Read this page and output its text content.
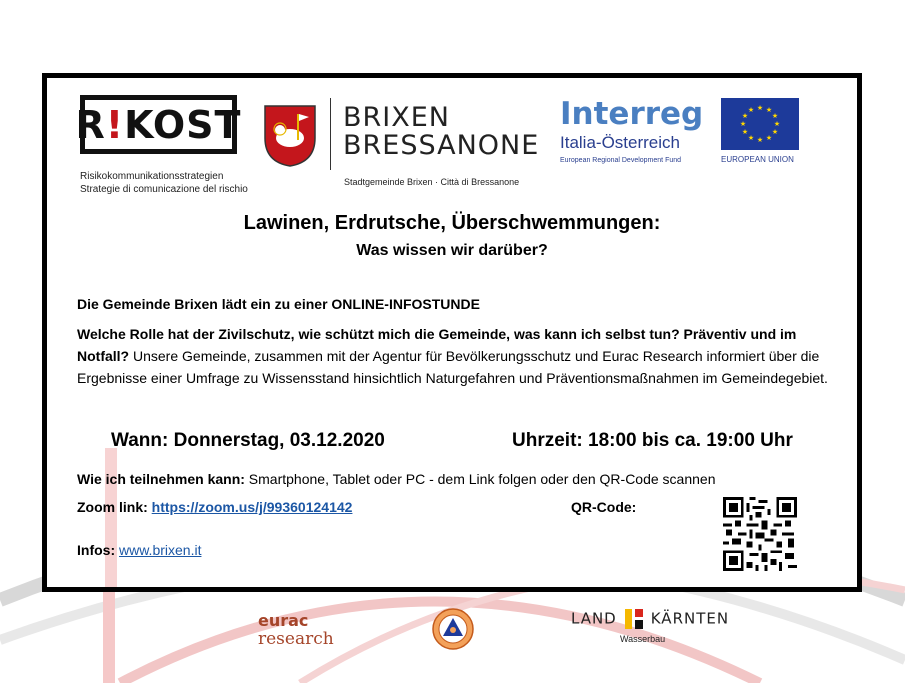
R ! KOST
Risikokommunikationsstrategien
Strategie di comunicazione del rischio
BRIXEN
BRESSANONE
Stadtgemeinde Brixen · Città di Bressanone
Interreg
Italia-Österreich
European Regional Development Fund
★ ★
★
★
★
★
★
★
★
★
★
★
EUROPEAN UNION
Lawinen, Erdrutsche, Überschwemmungen:
Was wissen wir darüber?
Die Gemeinde Brixen lädt ein zu einer ONLINE-INFOSTUNDE
Welche Rolle hat der Zivilschutz, wie schützt mich die Gemeinde, was kann ich selbst tun? Präventiv und im Notfall? Unsere Gemeinde, zusammen mit der Agentur für Bevölkerungsschutz und Eurac Research informiert über die Ergebnisse einer Umfrage zu Wissensstand hinsichtlich Naturgefahren und Präventionsmaßnahmen im Gemeindegebiet.
Wann: Donnerstag, 03.12.2020	Uhrzeit: 18:00 bis ca. 19:00 Uhr
Wie ich teilnehmen kann: Smartphone, Tablet oder PC - dem Link folgen oder den QR-Code scannen
Zoom link: https://zoom.us/j/99360124142	QR-Code:
Infos: www.brixen.it
eurac
research
LAND KÄRNTEN
Wasserbau
